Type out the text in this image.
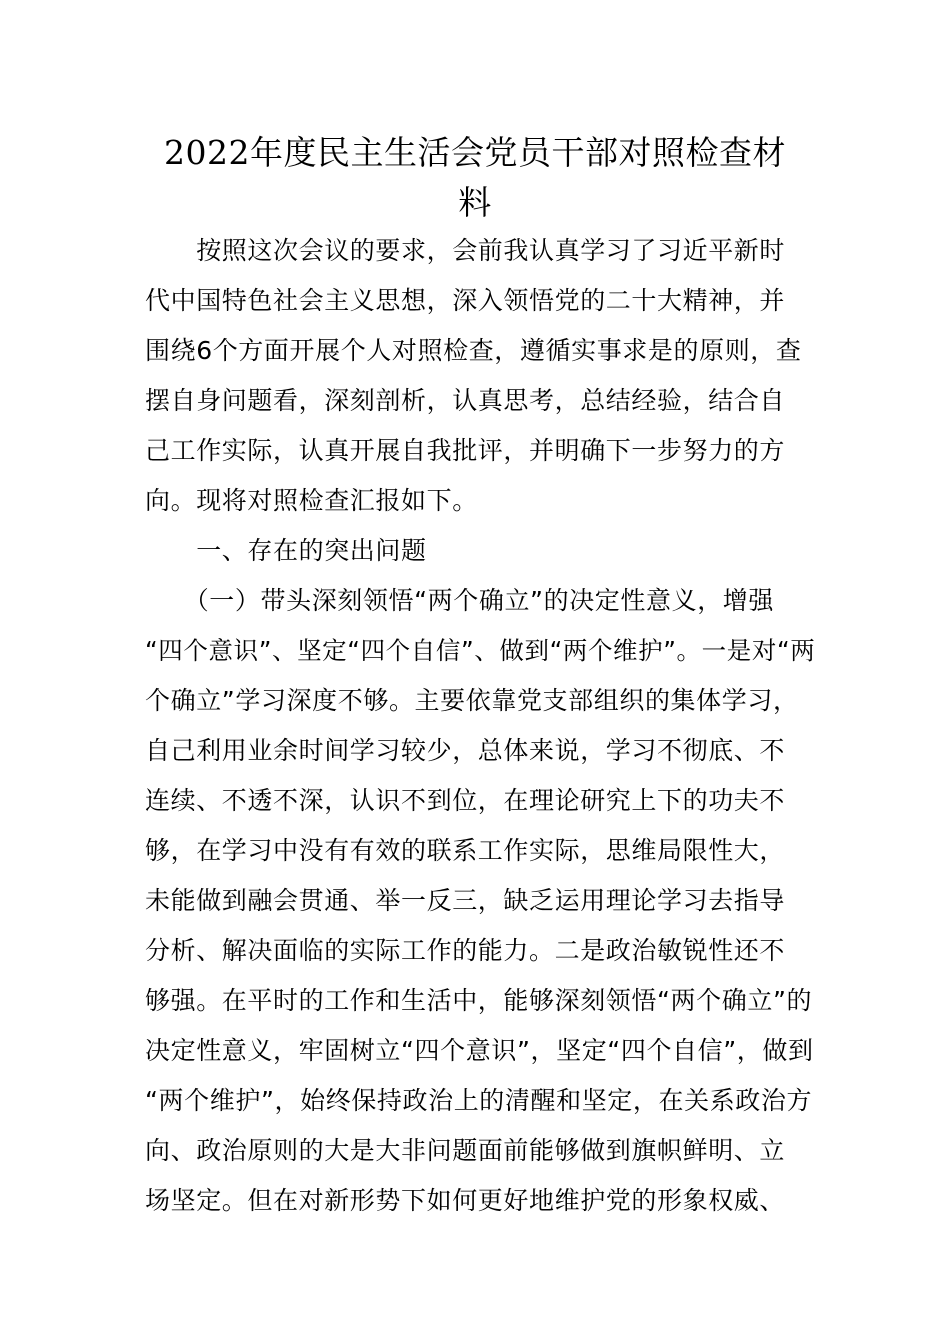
2022年度民主生活会党员干部对照检查材
料
　　按照这次会议的要求，会前我认真学习了习近平新时
代中国特色社会主义思想，深入领悟党的二十大精神，并
围绕6个方面开展个人对照检查，遵循实事求是的原则，查
摆自身问题看，深刻剖析，认真思考，总结经验，结合自
己工作实际，认真开展自我批评，并明确下一步努力的方
向。现将对照检查汇报如下。
　　一、存在的突出问题
　　（一）带头深刻领悟“两个确立”的决定性意义，增强
“四个意识”、坚定“四个自信”、做到“两个维护”。一是对“两
个确立”学习深度不够。主要依靠党支部组织的集体学习，
自己利用业余时间学习较少，总体来说，学习不彻底、不
连续、不透不深，认识不到位，在理论研究上下的功夫不
够，在学习中没有有效的联系工作实际，思维局限性大，
未能做到融会贯通、举一反三，缺乏运用理论学习去指导
分析、解决面临的实际工作的能力。二是政治敏锐性还不
够强。在平时的工作和生活中，能够深刻领悟“两个确立”的
决定性意义，牢固树立“四个意识”，坚定“四个自信”，做到
“两个维护”，始终保持政治上的清醒和坚定，在关系政治方
向、政治原则的大是大非问题面前能够做到旗帜鲜明、立
场坚定。但在对新形势下如何更好地维护党的形象权威、
